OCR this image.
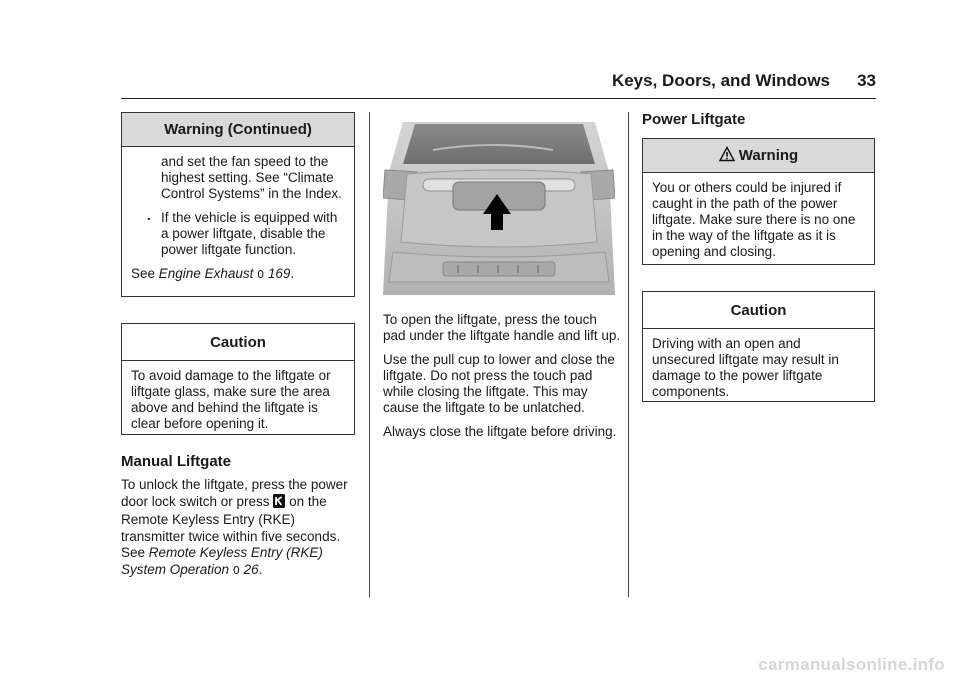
Keys, Doors, and Windows	33
Warning (Continued)
and set the fan speed to the highest setting. See “Climate Control Systems” in the Index.
. If the vehicle is equipped with a power liftgate, disable the power liftgate function.
See Engine Exhaust 0 169.
Caution
To avoid damage to the liftgate or liftgate glass, make sure the area above and behind the liftgate is clear before opening it.
Manual Liftgate
To unlock the liftgate, press the power door lock switch or press  on the Remote Keyless Entry (RKE) transmitter twice within five seconds. See Remote Keyless Entry (RKE) System Operation 0 26.
To open the liftgate, press the touch pad under the liftgate handle and lift up.
Use the pull cup to lower and close the liftgate. Do not press the touch pad while closing the liftgate. This may cause the liftgate to be unlatched.
Always close the liftgate before driving.
Power Liftgate
Warning
You or others could be injured if caught in the path of the power liftgate. Make sure there is no one in the way of the liftgate as it is opening and closing.
Caution
Driving with an open and unsecured liftgate may result in damage to the power liftgate components.
carmanualsonline.info
